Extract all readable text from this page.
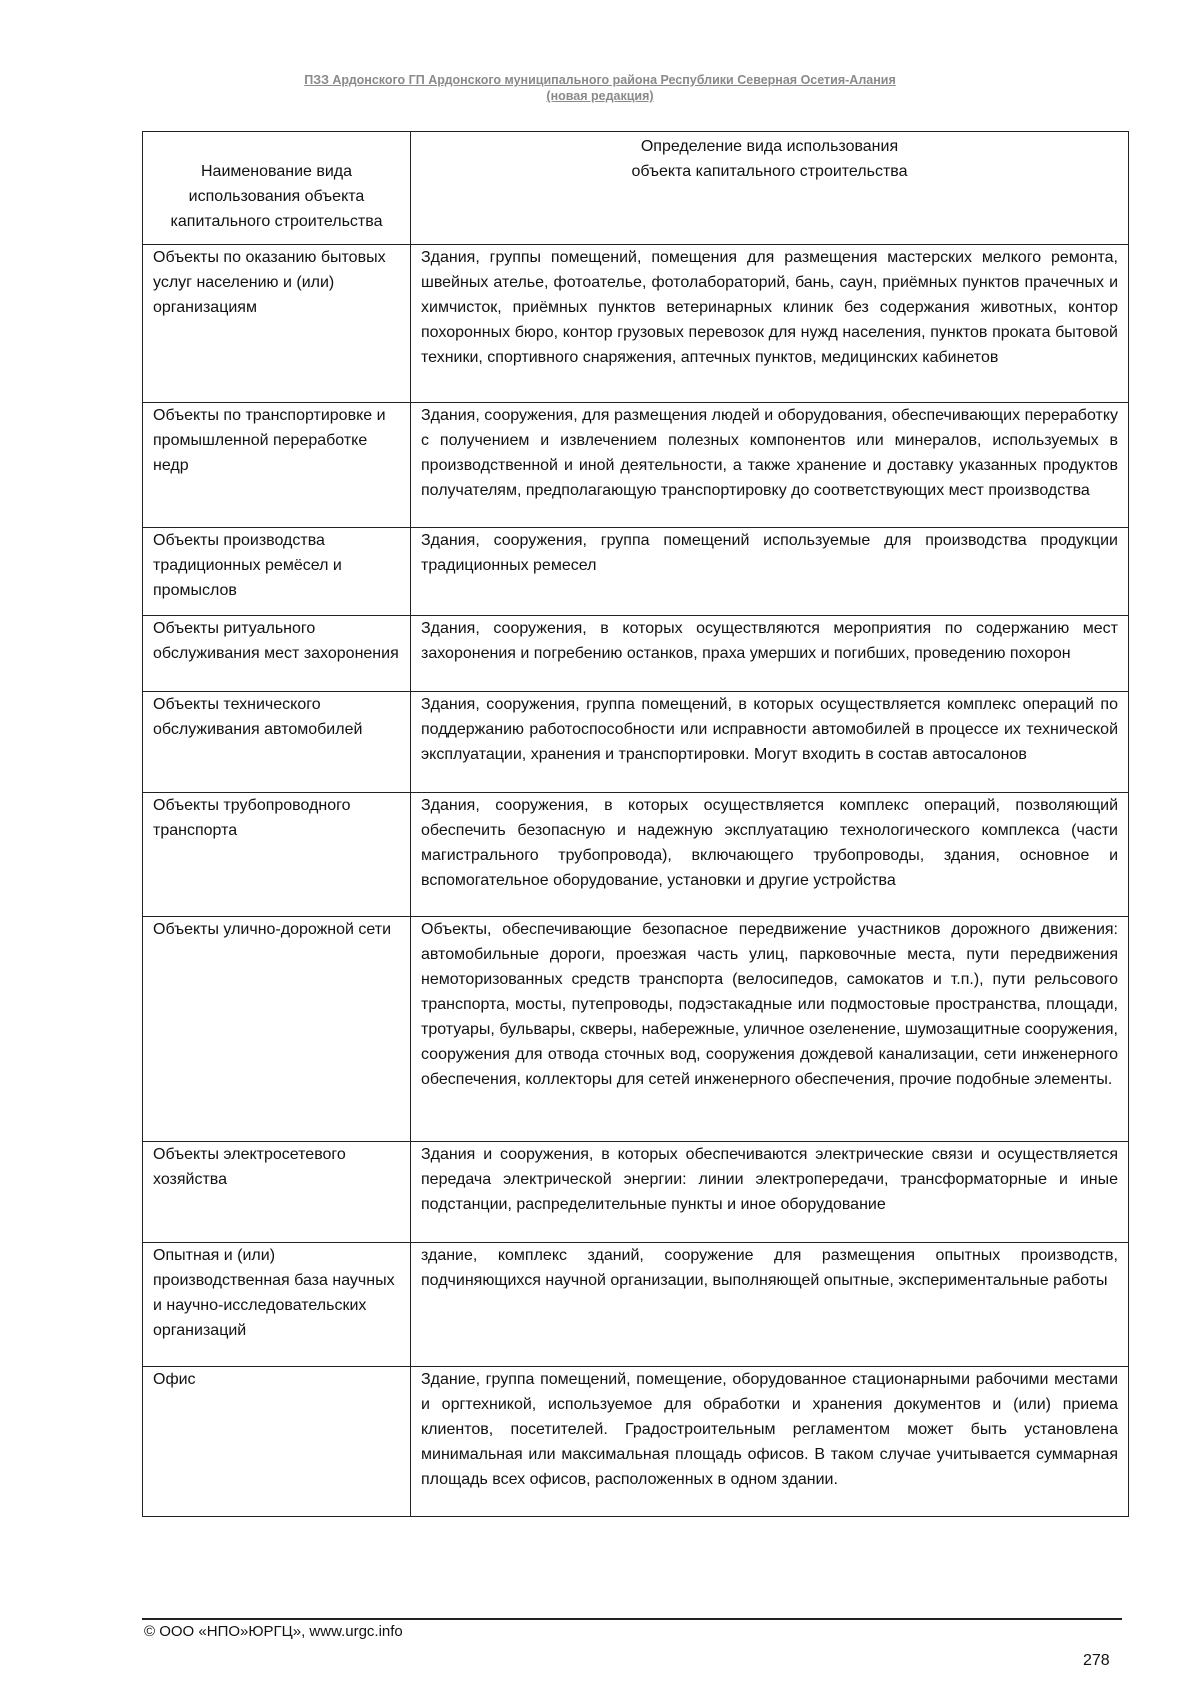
ПЗЗ Ардонского ГП Ардонского муниципального района Республики Северная Осетия-Алания
(новая редакция)
Наименование вида использования объекта капитального строительства	Определение вида использования
объекта капитального строительства
Объекты по оказанию бытовых услуг населению и (или) организациям	Здания, группы помещений, помещения для размещения мастерских мелкого ремонта, швейных ателье, фотоателье, фотолабораторий, бань, саун, приёмных пунктов прачечных и химчисток, приёмных пунктов ветеринарных клиник без содержания животных, контор похоронных бюро, контор грузовых перевозок для нужд населения, пунктов проката бытовой техники, спортивного снаряжения, аптечных пунктов, медицинских кабинетов
Объекты по транспортировке и промышленной переработке недр	Здания, сооружения, для размещения людей и оборудования, обеспечивающих переработку с получением и извлечением полезных компонентов или минералов, используемых в производственной и иной деятельности, а также хранение и доставку указанных продуктов получателям, предполагающую транспортировку до соответствующих мест производства
Объекты производства традиционных ремёсел и промыслов	Здания, сооружения, группа помещений используемые для производства продукции традиционных ремесел
Объекты ритуального обслуживания мест захоронения	Здания, сооружения, в которых осуществляются мероприятия по содержанию мест захоронения и погребению останков, праха умерших и погибших, проведению похорон
Объекты технического обслуживания автомобилей	Здания, сооружения, группа помещений, в которых осуществляется комплекс операций по поддержанию работоспособности или исправности автомобилей в процессе их технической эксплуатации, хранения и транспортировки. Могут входить в состав автосалонов
Объекты трубопроводного транспорта	Здания, сооружения, в которых осуществляется комплекс операций, позволяющий обеспечить безопасную и надежную эксплуатацию технологического комплекса (части магистрального трубопровода), включающего трубопроводы, здания, основное и вспомогательное оборудование, установки и другие устройства
Объекты улично-дорожной сети	Объекты, обеспечивающие безопасное передвижение участников дорожного движения: автомобильные дороги, проезжая часть улиц, парковочные места, пути передвижения немоторизованных средств транспорта (велосипедов, самокатов и т.п.), пути рельсового транспорта, мосты, путепроводы, подэстакадные или подмостовые пространства, площади, тротуары, бульвары, скверы, набережные, уличное озеленение, шумозащитные сооружения, сооружения для отвода сточных вод, сооружения дождевой канализации, сети инженерного обеспечения, коллекторы для сетей инженерного обеспечения, прочие подобные элементы.
Объекты электросетевого хозяйства	Здания и сооружения, в которых обеспечиваются электрические связи и осуществляется передача электрической энергии: линии электропередачи, трансформаторные и иные подстанции, распределительные пункты и иное оборудование
Опытная и (или) производственная база научных и научно-исследовательских организаций	здание, комплекс зданий, сооружение для размещения опытных производств, подчиняющихся научной организации, выполняющей опытные, экспериментальные работы
Офис	Здание, группа помещений, помещение, оборудованное стационарными рабочими местами и оргтехникой, используемое для обработки и хранения документов и (или) приема клиентов, посетителей. Градостроительным регламентом может быть установлена минимальная или максимальная площадь офисов. В таком случае учитывается суммарная площадь всех офисов, расположенных в одном здании.
© ООО «НПО»ЮРГЦ», www.urgc.info
278
